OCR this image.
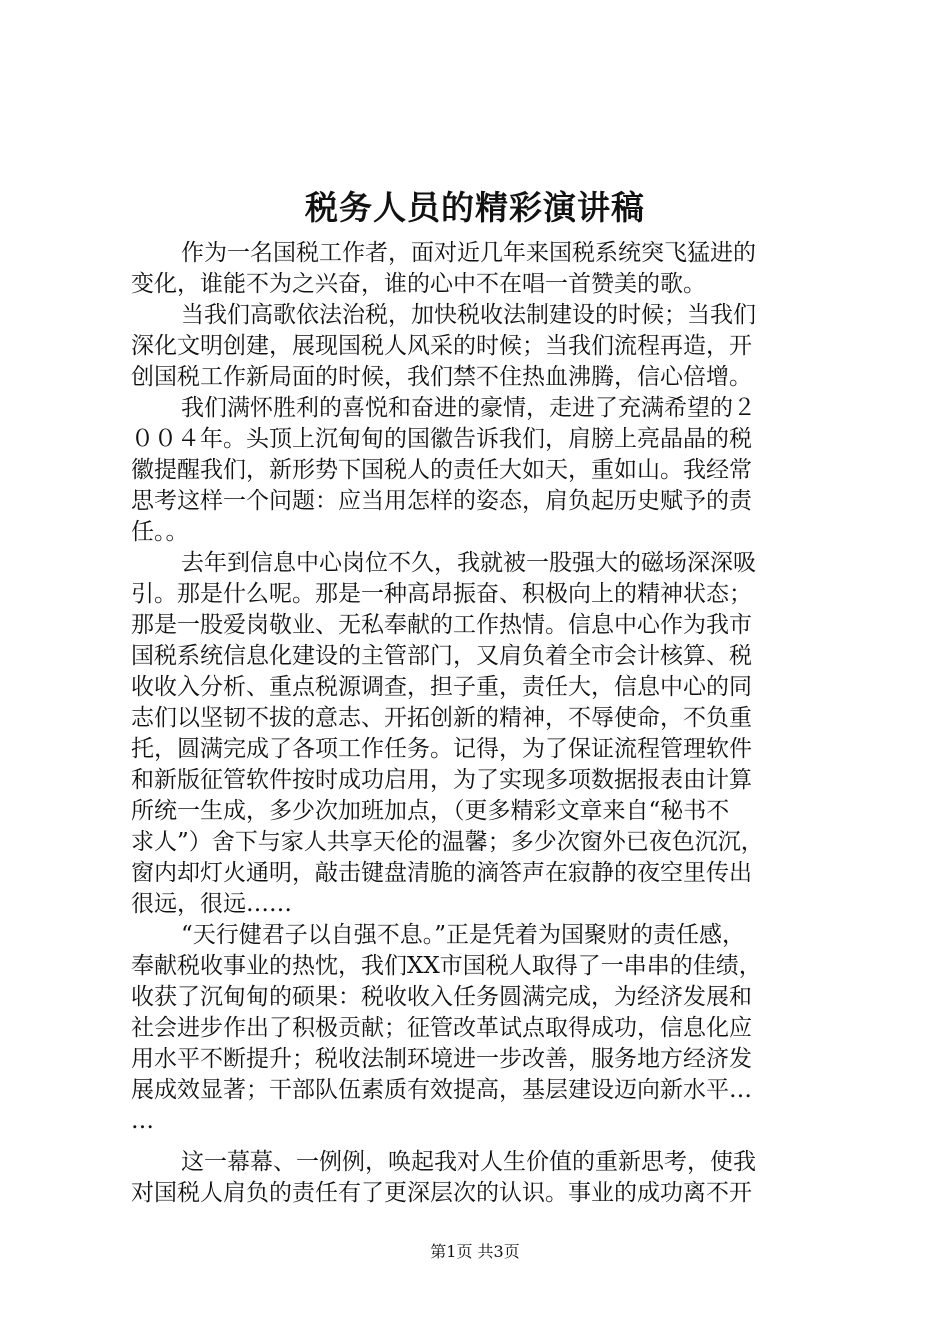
税务人员的精彩演讲稿
作为一名国税工作者，面对近几年来国税系统突飞猛进的
变化，谁能不为之兴奋，谁的心中不在唱一首赞美的歌。
当我们高歌依法治税，加快税收法制建设的时候；当我们
深化文明创建，展现国税人风采的时候；当我们流程再造，开
创国税工作新局面的时候，我们禁不住热血沸腾，信心倍增。
我们满怀胜利的喜悦和奋进的豪情，走进了充满希望的２
００４年。头顶上沉甸甸的国徽告诉我们，肩膀上亮晶晶的税
徽提醒我们，新形势下国税人的责任大如天，重如山。我经常
思考这样一个问题：应当用怎样的姿态，肩负起历史赋予的责
任。。
去年到信息中心岗位不久，我就被一股强大的磁场深深吸
引。那是什么呢。那是一种高昂振奋、积极向上的精神状态；
那是一股爱岗敬业、无私奉献的工作热情。信息中心作为我市
国税系统信息化建设的主管部门，又肩负着全市会计核算、税
收收入分析、重点税源调查，担子重，责任大，信息中心的同
志们以坚韧不拔的意志、开拓创新的精神，不辱使命，不负重
托，圆满完成了各项工作任务。记得，为了保证流程管理软件
和新版征管软件按时成功启用，为了实现多项数据报表由计算
所统一生成，多少次加班加点，（更多精彩文章来自“秘书不
求人”）舍下与家人共享天伦的温馨；多少次窗外已夜色沉沉，
窗内却灯火通明，敲击键盘清脆的滴答声在寂静的夜空里传出
很远，很远……
“天行健君子以自强不息。”正是凭着为国聚财的责任感，
奉献税收事业的热忱，我们XX市国税人取得了一串串的佳绩，
收获了沉甸甸的硕果：税收收入任务圆满完成，为经济发展和
社会进步作出了积极贡献；征管改革试点取得成功，信息化应
用水平不断提升；税收法制环境进一步改善，服务地方经济发
展成效显著；干部队伍素质有效提高，基层建设迈向新水平…
…
这一幕幕、一例例，唤起我对人生价值的重新思考，使我
对国税人肩负的责任有了更深层次的认识。事业的成功离不开
第1页 共3页
